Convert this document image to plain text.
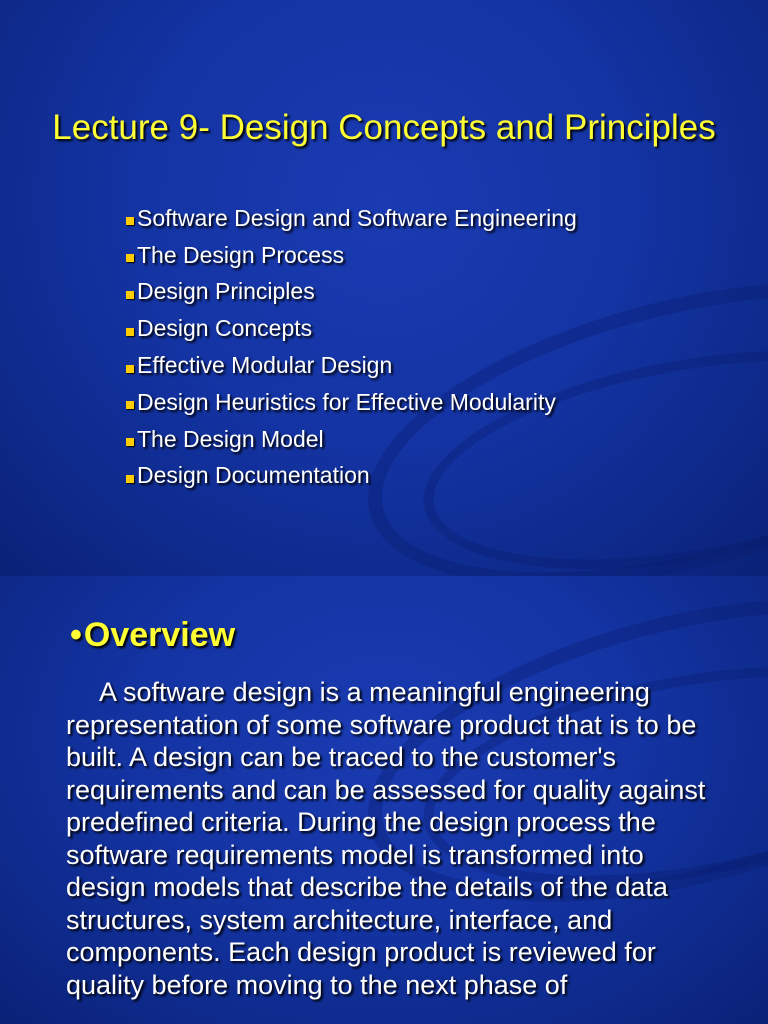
Lecture 9- Design Concepts and Principles
Software Design and Software Engineering
The Design Process
Design Principles
Design Concepts
Effective Modular Design
Design Heuristics for Effective Modularity
The Design Model
Design Documentation
• Overview

A software design is a meaningful engineering representation of some software product that is to be built. A design can be traced to the customer's requirements and can be assessed for quality against predefined criteria. During the design process the software requirements model is transformed into design models that describe the details of the data structures, system architecture, interface, and components. Each design product is reviewed for quality before moving to the next phase of
